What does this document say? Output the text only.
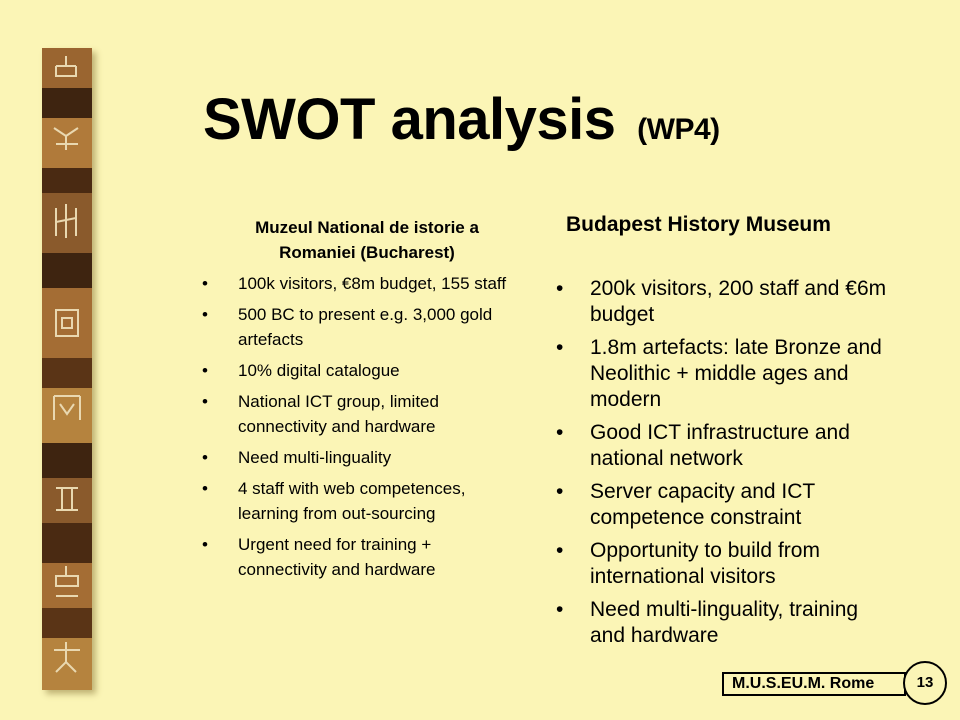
SWOT analysis (WP4)
Muzeul National de istorie a Romaniei (Bucharest)
• 100k visitors, €8m budget, 155 staff
• 500 BC to present e.g. 3,000 gold artefacts
• 10% digital catalogue
• National ICT group, limited connectivity and hardware
• Need multi-linguality
• 4 staff with web competences, learning from out-sourcing
• Urgent need for training + connectivity and hardware
Budapest History Museum
• 200k visitors, 200 staff and €6m budget
• 1.8m artefacts: late Bronze and Neolithic + middle ages and modern
• Good ICT infrastructure and national network
• Server capacity and ICT competence constraint
• Opportunity to build from international visitors
• Need multi-linguality, training and hardware
M.U.S.EU.M. Rome	13
